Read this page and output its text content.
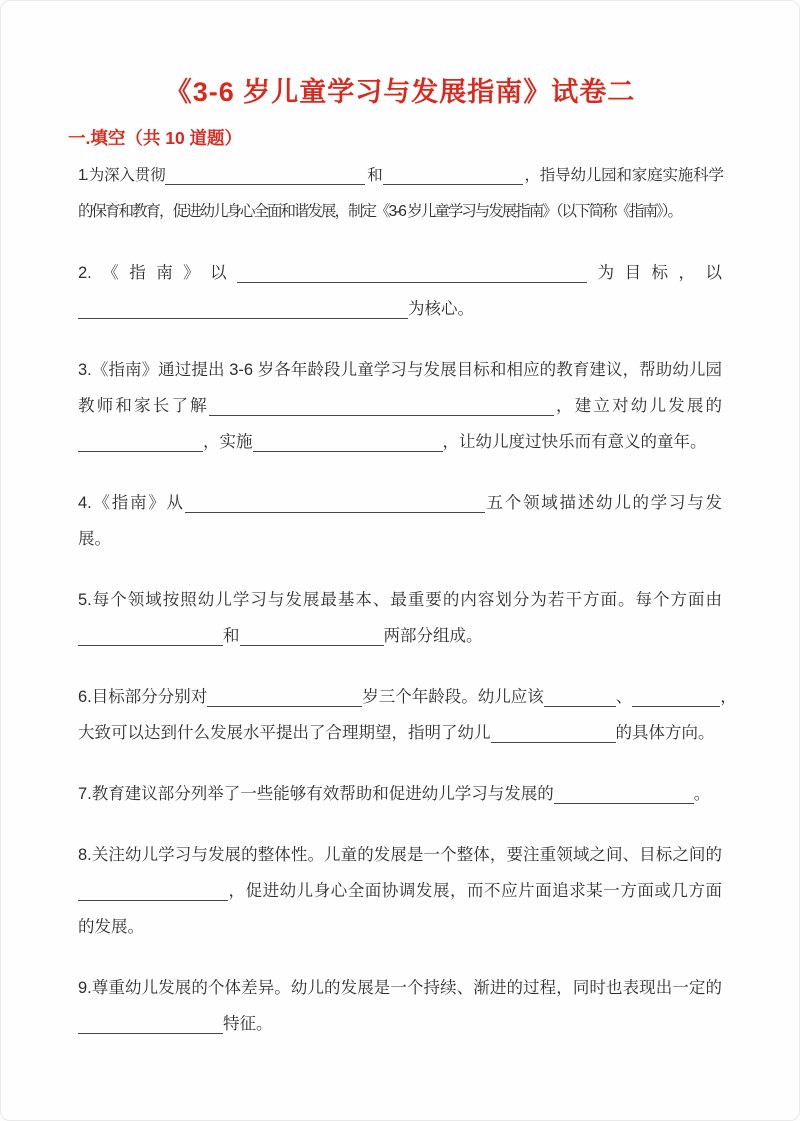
《3-6 岁儿童学习与发展指南》试卷二
一.填空（共 10 道题）
1.为深入贯彻	和	，指导幼儿园和家庭实施科学
的保育和教育，促进幼儿身心全面和谐发展，制定《3-6 岁儿童学习与发展指南》（以下简称《指南》）。
2.《指南》以	为目标，以
为核心。
3.《指南》通过提出 3-6 岁各年龄段儿童学习与发展目标和相应的教育建议，帮助幼儿园
教师和家长了解	，建立对幼儿发展的
，实施	，让幼儿度过快乐而有意义的童年。
4.《指南》从	五个领域描述幼儿的学习与发
展。
5.每个领域按照幼儿学习与发展最基本、最重要的内容划分为若干方面。每个方面由
和	两部分组成。
6.目标部分分别对	岁三个年龄段。幼儿应该	、	，
大致可以达到什么发展水平提出了合理期望，指明了幼儿	的具体方向。
7.教育建议部分列举了一些能够有效帮助和促进幼儿学习与发展的	。
8.关注幼儿学习与发展的整体性。儿童的发展是一个整体，要注重领域之间、目标之间的
，促进幼儿身心全面协调发展，而不应片面追求某一方面或几方面
的发展。
9.尊重幼儿发展的个体差异。幼儿的发展是一个持续、渐进的过程，同时也表现出一定的
特征。
